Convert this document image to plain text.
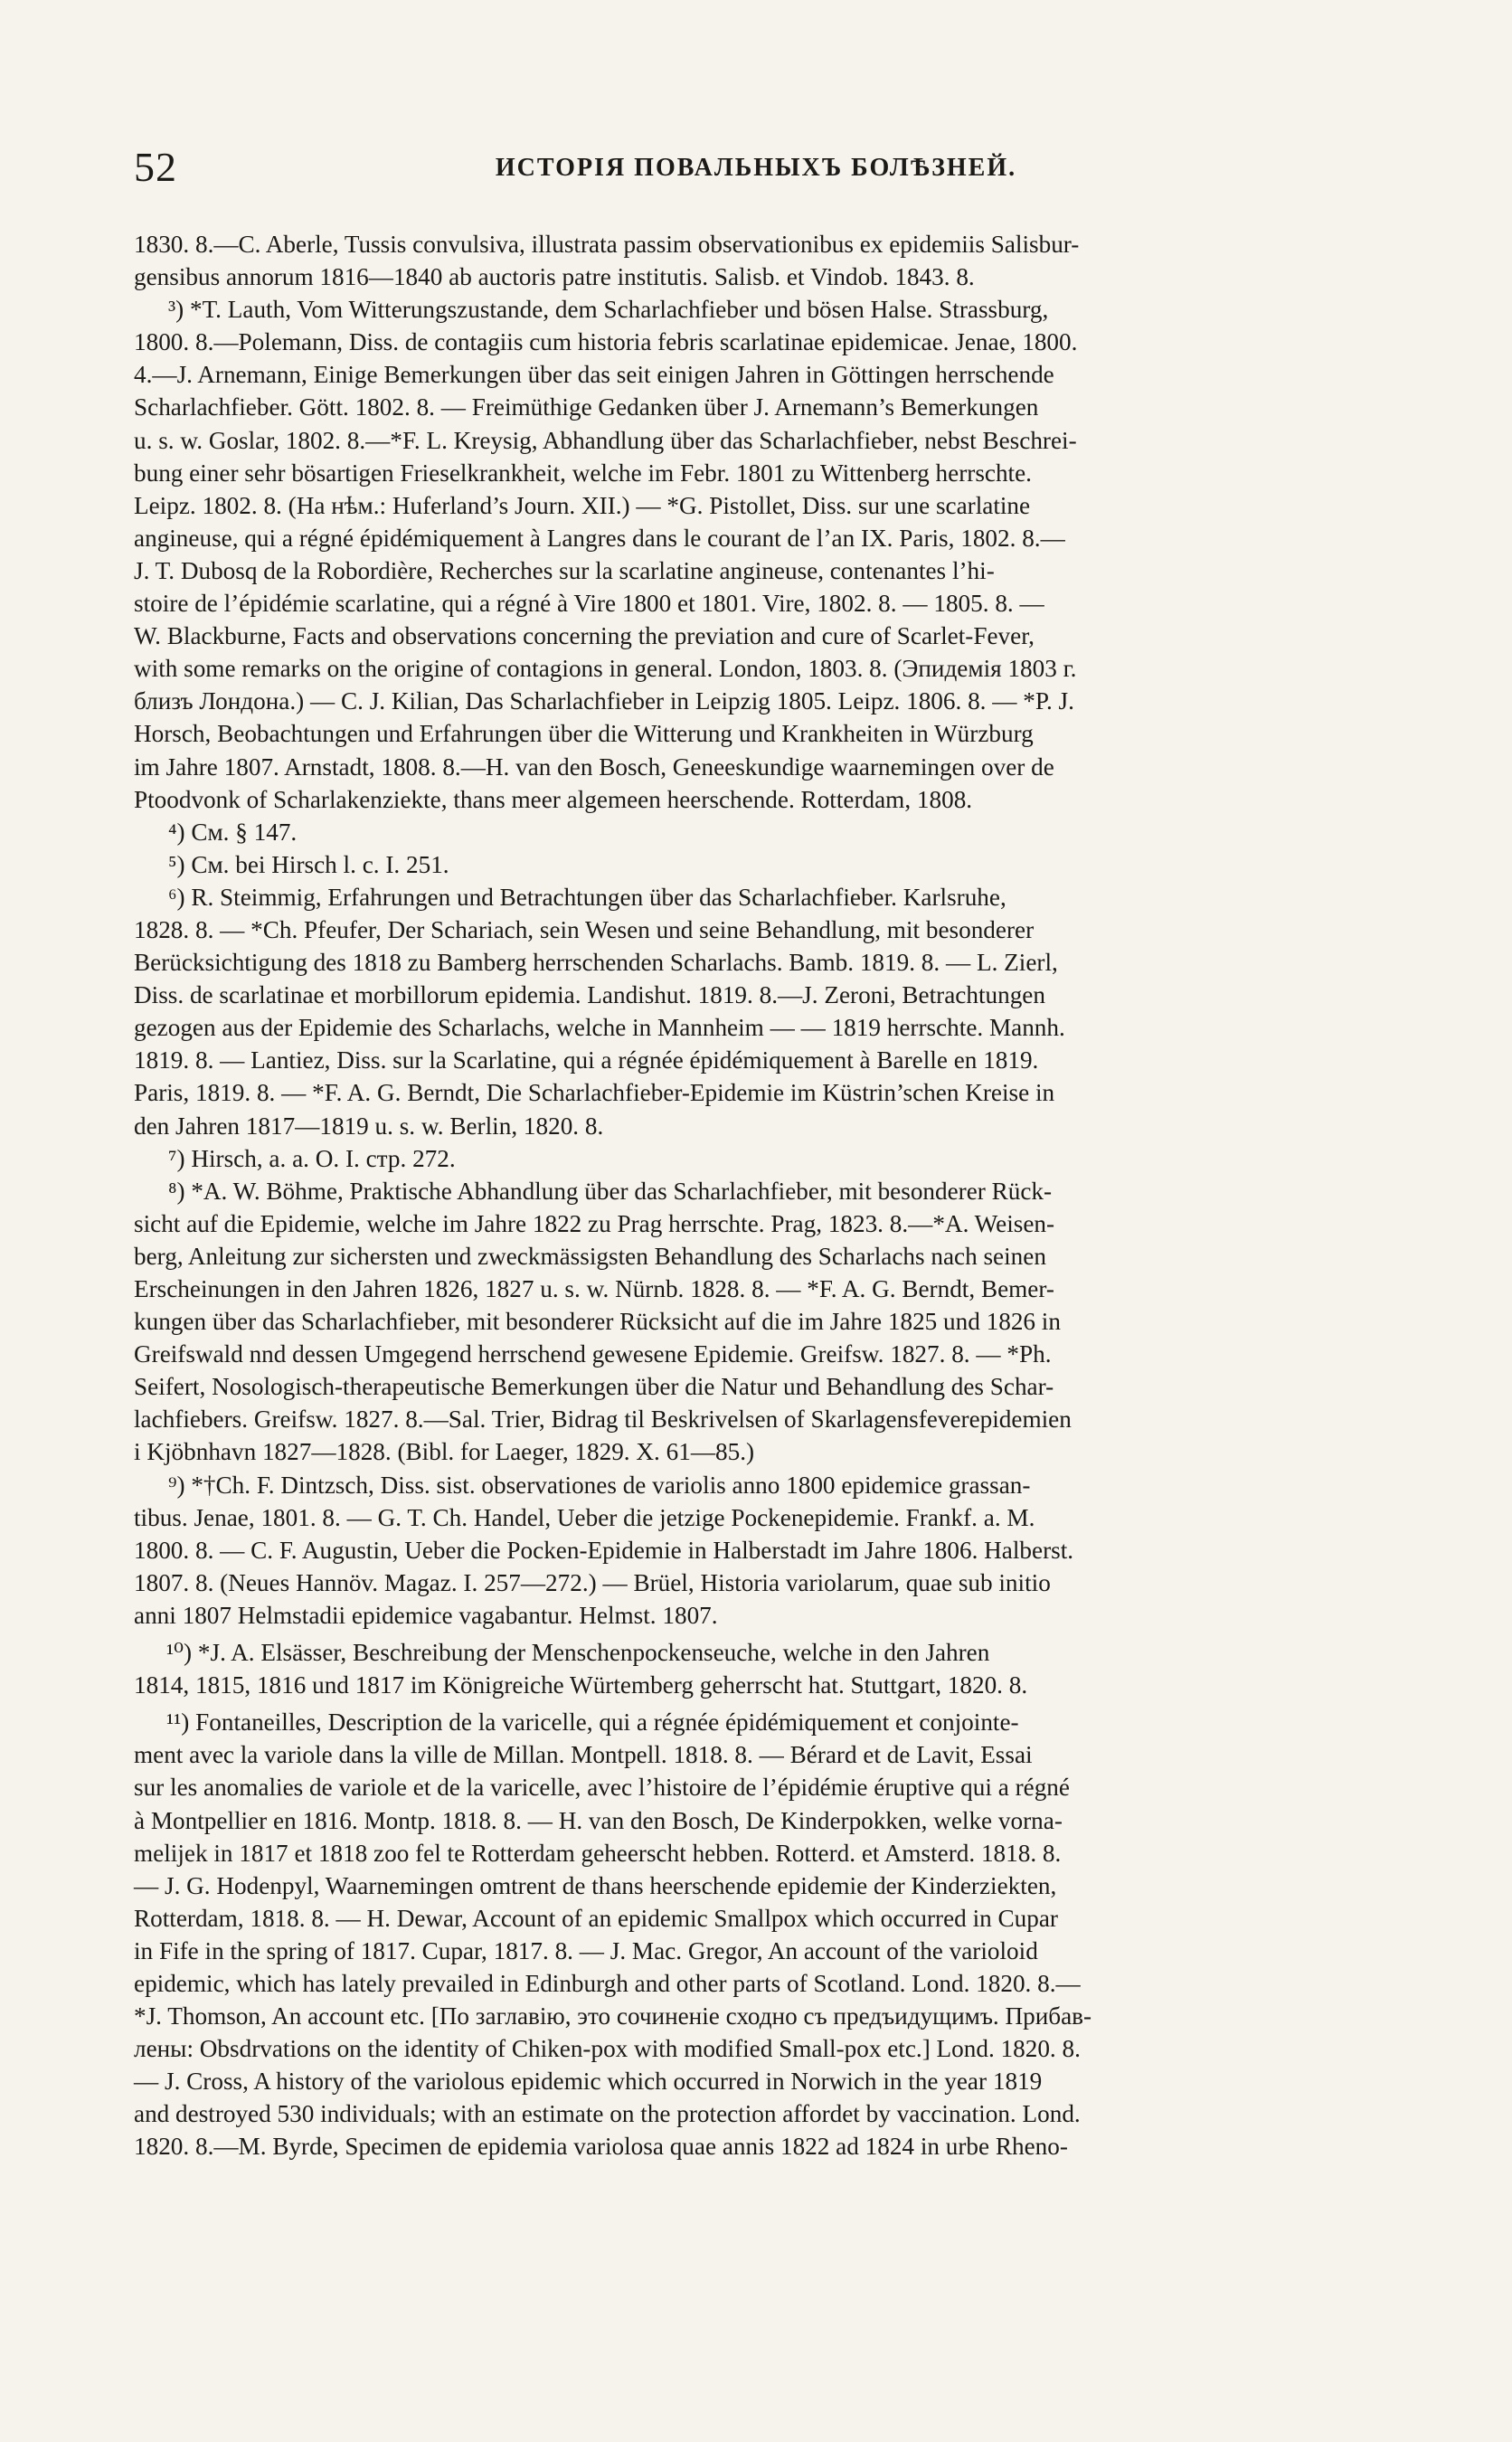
52	ИСТОРІЯ ПОВАЛЬНЫХЪ БОЛѢЗНЕЙ.
1830. 8.—C. Aberle, Tussis convulsiva, illustrata passim observationibus ex epidemiis Salisbur-
gensibus annorum 1816—1840 ab auctoris patre institutis. Salisb. et Vindob. 1843. 8.
³) *T. Lauth, Vom Witterungszustande, dem Scharlachfieber und bösen Halse. Strassburg,
1800. 8.—Polemann, Diss. de contagiis cum historia febris scarlatinae epidemicae. Jenae, 1800.
4.—J. Arnemann, Einige Bemerkungen über das seit einigen Jahren in Göttingen herrschende
Scharlachfieber. Gött. 1802. 8. — Freimüthige Gedanken über J. Arnemann’s Bemerkungen
u. s. w. Goslar, 1802. 8.—*F. L. Kreysig, Abhandlung über das Scharlachfieber, nebst Beschrei-
bung einer sehr bösartigen Frieselkrankheit, welche im Febr. 1801 zu Wittenberg herrschte.
Leipz. 1802. 8. (На нѣм.: Huferland’s Journ. XII.) — *G. Pistollet, Diss. sur une scarlatine
angineuse, qui a régné épidémiquement à Langres dans le courant de l’an IX. Paris, 1802. 8.—
J. T. Dubosq de la Robordière, Recherches sur la scarlatine angineuse, contenantes l’hi-
stoire de l’épidémie scarlatine, qui a régné à Vire 1800 et 1801. Vire, 1802. 8. — 1805. 8. —
W. Blackburne, Facts and observations concerning the previation and cure of Scarlet-Fever,
with some remarks on the origine of contagions in general. London, 1803. 8. (Эпидемія 1803 г.
близъ Лондона.) — C. J. Kilian, Das Scharlachfieber in Leipzig 1805. Leipz. 1806. 8. — *P. J.
Horsch, Beobachtungen und Erfahrungen über die Witterung und Krankheiten in Würzburg
im Jahre 1807. Arnstadt, 1808. 8.—H. van den Bosch, Geneeskundige waarnemingen over de
Ptoodvonk of Scharlakenziekte, thans meer algemeen heerschende. Rotterdam, 1808.
⁴) См. § 147.
⁵) См. bei Hirsch l. c. I. 251.
⁶) R. Steimmig, Erfahrungen und Betrachtungen über das Scharlachfieber. Karlsruhe,
1828. 8. — *Ch. Pfeufer, Der Schariach, sein Wesen und seine Behandlung, mit besonderer
Berücksichtigung des 1818 zu Bamberg herrschenden Scharlachs. Bamb. 1819. 8. — L. Zierl,
Diss. de scarlatinae et morbillorum epidemia. Landishut. 1819. 8.—J. Zeroni, Betrachtungen
gezogen aus der Epidemie des Scharlachs, welche in Mannheim — — 1819 herrschte. Mannh.
1819. 8. — Lantiez, Diss. sur la Scarlatine, qui a régnée épidémiquement à Barelle en 1819.
Paris, 1819. 8. — *F. A. G. Berndt, Die Scharlachfieber-Epidemie im Küstrin’schen Kreise in
den Jahren 1817—1819 u. s. w. Berlin, 1820. 8.
⁷) Hirsch, a. a. O. I. стр. 272.
⁸) *A. W. Böhme, Praktische Abhandlung über das Scharlachfieber, mit besonderer Rück-
sicht auf die Epidemie, welche im Jahre 1822 zu Prag herrschte. Prag, 1823. 8.—*A. Weisen-
berg, Anleitung zur sichersten und zweckmässigsten Behandlung des Scharlachs nach seinen
Erscheinungen in den Jahren 1826, 1827 u. s. w. Nürnb. 1828. 8. — *F. A. G. Berndt, Bemer-
kungen über das Scharlachfieber, mit besonderer Rücksicht auf die im Jahre 1825 und 1826 in
Greifswald nnd dessen Umgegend herrschend gewesene Epidemie. Greifsw. 1827. 8. — *Ph.
Seifert, Nosologisch-therapeutische Bemerkungen über die Natur und Behandlung des Schar-
lachfiebers. Greifsw. 1827. 8.—Sal. Trier, Bidrag til Beskrivelsen of Skarlagensfeverepidemien
i Kjöbnhavn 1827—1828. (Bibl. for Laeger, 1829. X. 61—85.)
⁹) *†Ch. F. Dintzsch, Diss. sist. observationes de variolis anno 1800 epidemice grassan-
tibus. Jenae, 1801. 8. — G. T. Ch. Handel, Ueber die jetzige Pockenepidemie. Frankf. a. M.
1800. 8. — C. F. Augustin, Ueber die Pocken-Epidemie in Halberstadt im Jahre 1806. Halberst.
1807. 8. (Neues Hannöv. Magaz. I. 257—272.) — Brüel, Historia variolarum, quae sub initio
anni 1807 Helmstadii epidemice vagabantur. Helmst. 1807.
¹⁰) *J. A. Elsässer, Beschreibung der Menschenpockenseuche, welche in den Jahren
1814, 1815, 1816 und 1817 im Königreiche Würtemberg geherrscht hat. Stuttgart, 1820. 8.
¹¹) Fontaneilles, Description de la varicelle, qui a régnée épidémiquement et conjointe-
ment avec la variole dans la ville de Millan. Montpell. 1818. 8. — Bérard et de Lavit, Essai
sur les anomalies de variole et de la varicelle, avec l’histoire de l’épidémie éruptive qui a régné
à Montpellier en 1816. Montp. 1818. 8. — H. van den Bosch, De Kinderpokken, welke vorna-
melijek in 1817 et 1818 zoo fel te Rotterdam geheerscht hebben. Rotterd. et Amsterd. 1818. 8.
— J. G. Hodenpyl, Waarnemingen omtrent de thans heerschende epidemie der Kinderziekten,
Rotterdam, 1818. 8. — H. Dewar, Account of an epidemic Smallpox which occurred in Cupar
in Fife in the spring of 1817. Cupar, 1817. 8. — J. Mac. Gregor, An account of the varioloid
epidemic, which has lately prevailed in Edinburgh and other parts of Scotland. Lond. 1820. 8.—
*J. Thomson, An account etc. [По заглавію, это сочиненіе сходно съ предъидущимъ. Прибав-
лены: Obsdrvations on the identity of Chiken-pox with modified Small-pox etc.] Lond. 1820. 8.
— J. Cross, A history of the variolous epidemic which occurred in Norwich in the year 1819
and destroyed 530 individuals; with an estimate on the protection affordet by vaccination. Lond.
1820. 8.—M. Byrde, Specimen de epidemia variolosa quae annis 1822 ad 1824 in urbe Rheno-
